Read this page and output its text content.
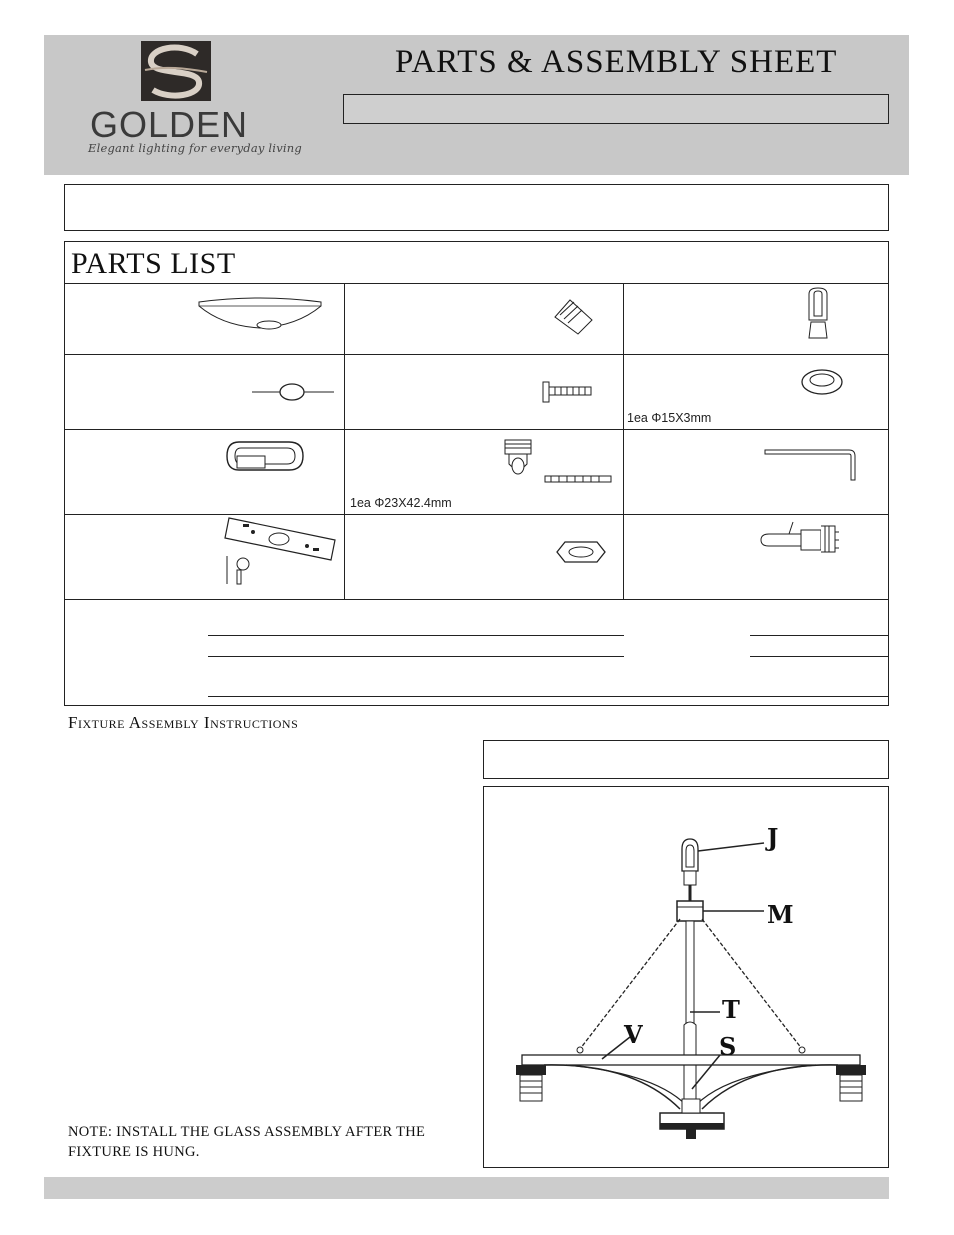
GOLDEN
Elegant lighting for everyday living
PARTS & ASSEMBLY SHEET
PARTS LIST
1ea Φ15X3mm
1ea Φ23X42.4mm
Fixture Assembly Instructions
NOTE: INSTALL THE GLASS ASSEMBLY AFTER THE FIXTURE IS HUNG.
J
M
T
V	S
